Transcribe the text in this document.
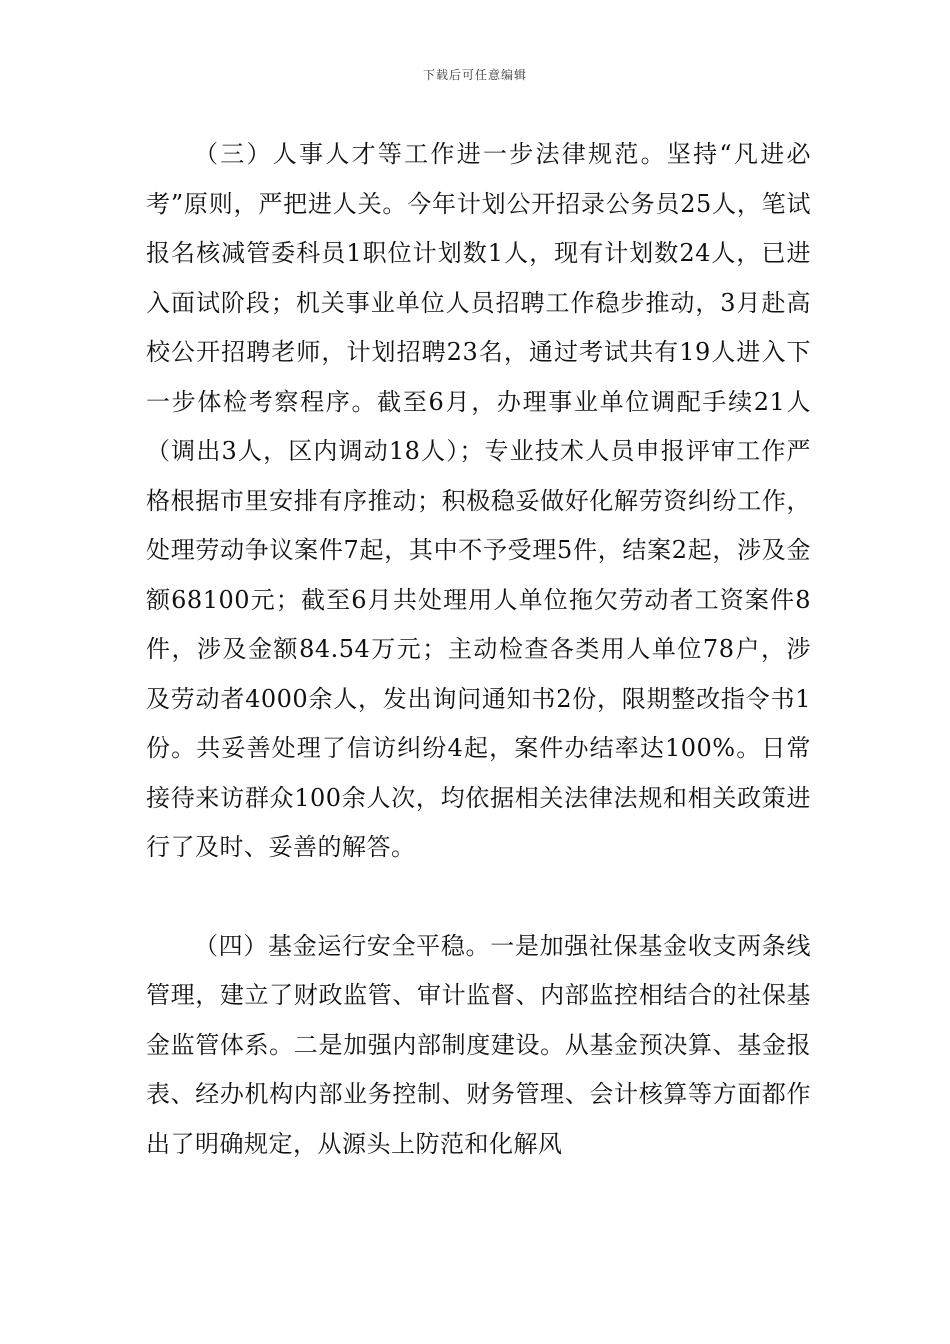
下载后可任意编辑

（三）人事人才等工作进一步法律规范。坚持“凡进必考”原则，严把进人关。今年计划公开招录公务员25人，笔试报名核减管委科员1职位计划数1人，现有计划数24人，已进入面试阶段；机关事业单位人员招聘工作稳步推动，3月赴高校公开招聘老师，计划招聘23名，通过考试共有19人进入下一步体检考察程序。截至6月，办理事业单位调配手续21人（调出3人，区内调动18人）；专业技术人员申报评审工作严格根据市里安排有序推动；积极稳妥做好化解劳资纠纷工作，处理劳动争议案件7起，其中不予受理5件，结案2起，涉及金额68100元；截至6月共处理用人单位拖欠劳动者工资案件8件，涉及金额84.54万元；主动检查各类用人单位78户，涉及劳动者4000余人，发出询问通知书2份，限期整改指令书1份。共妥善处理了信访纠纷4起，案件办结率达100%。日常接待来访群众100余人次，均依据相关法律法规和相关政策进行了及时、妥善的解答。

（四）基金运行安全平稳。一是加强社保基金收支两条线管理，建立了财政监管、审计监督、内部监控相结合的社保基金监管体系。二是加强内部制度建设。从基金预决算、基金报表、经办机构内部业务控制、财务管理、会计核算等方面都作出了明确规定，从源头上防范和化解风
